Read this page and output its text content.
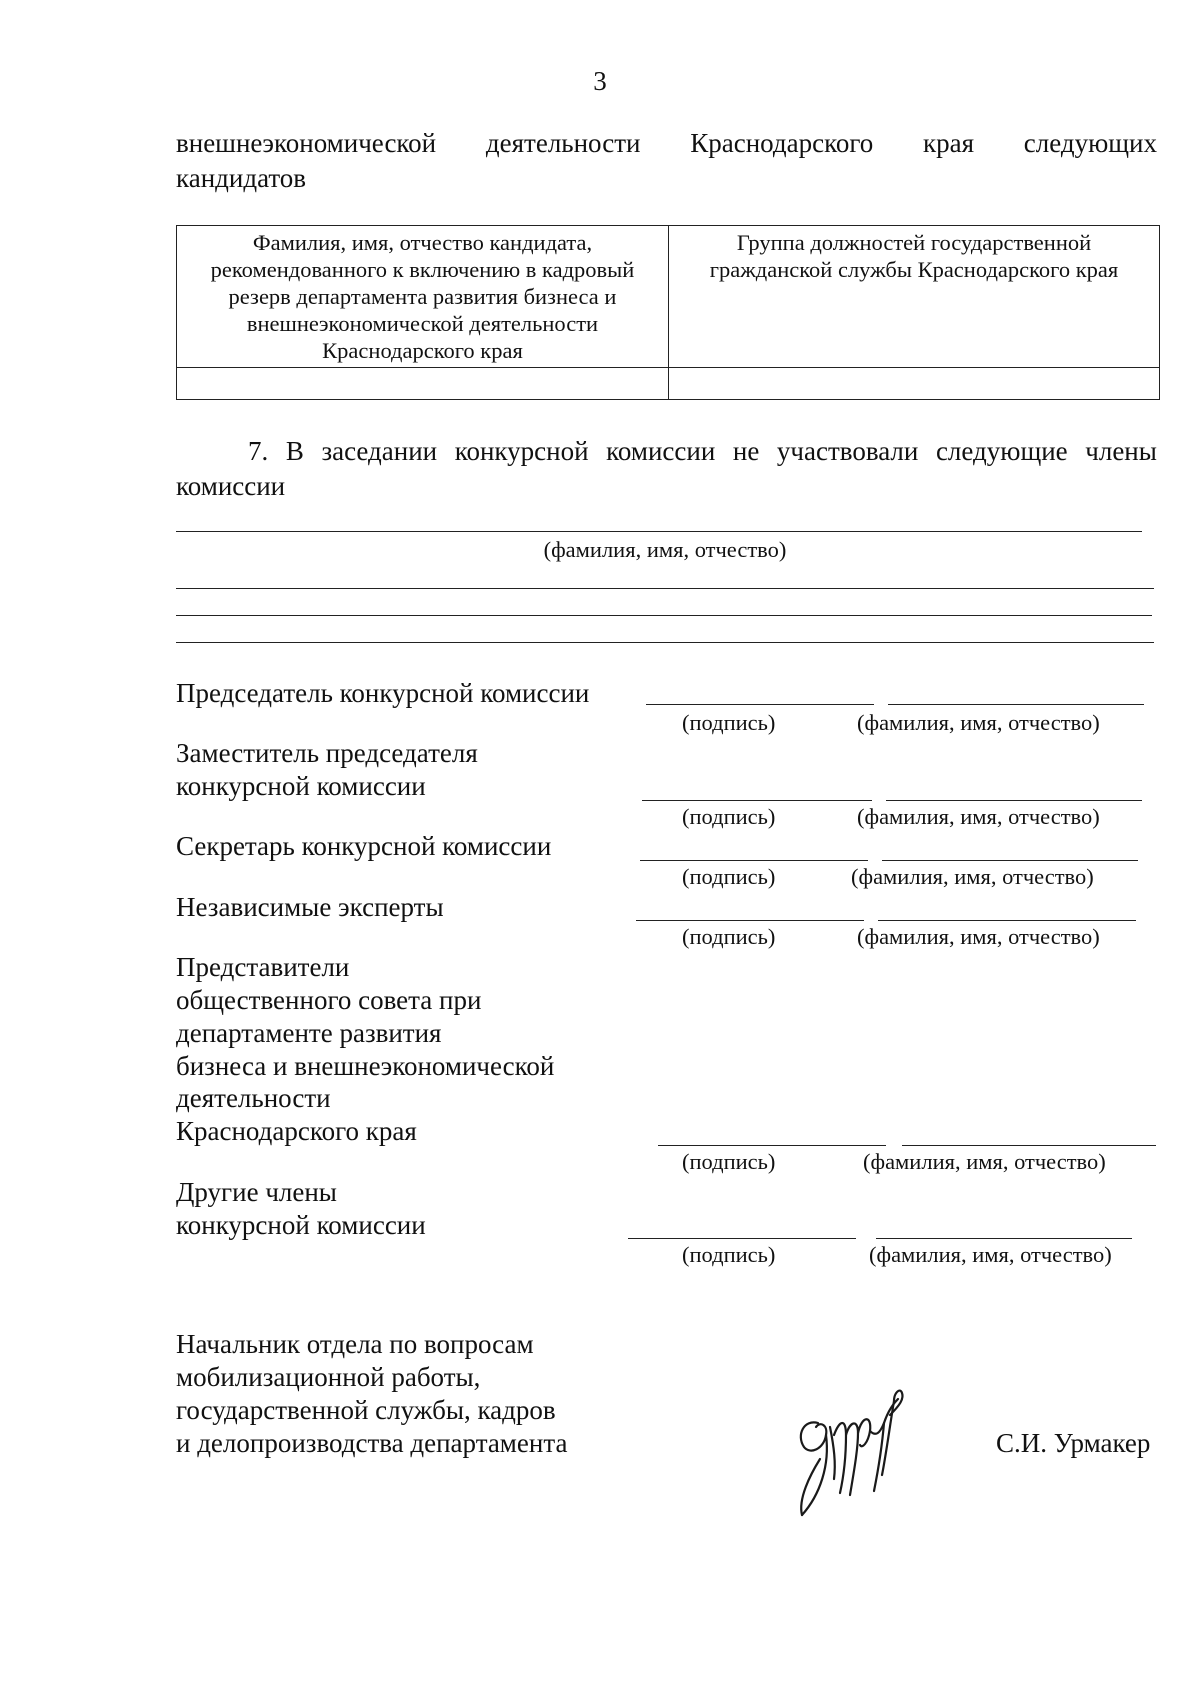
3
внешнеэкономической деятельности Краснодарского края следующих
кандидатов
Фамилия, имя, отчество кандидата, рекомендованного к включению в кадровый резерв департамента развития бизнеса и внешнеэкономической деятельности Краснодарского края	Группа должностей государственной гражданской службы Краснодарского края

7. В заседании конкурсной комиссии не участвовали следующие члены
комиссии
(фамилия, имя, отчество)
Председатель конкурсной комиссии
(подпись)	(фамилия, имя, отчество)
Заместитель председателя
конкурсной комиссии
(подпись)	(фамилия, имя, отчество)
Секретарь конкурсной комиссии
(подпись)	(фамилия, имя, отчество)
Независимые эксперты
(подпись)	(фамилия, имя, отчество)
Представители
общественного совета при
департаменте развития
бизнеса и внешнеэкономической
деятельности
Краснодарского края
(подпись)	(фамилия, имя, отчество)
Другие члены
конкурсной комиссии
(подпись)	(фамилия, имя, отчество)
Начальник отдела по вопросам
мобилизационной работы,
государственной службы, кадров
и делопроизводства департамента	С.И. Урмакер
